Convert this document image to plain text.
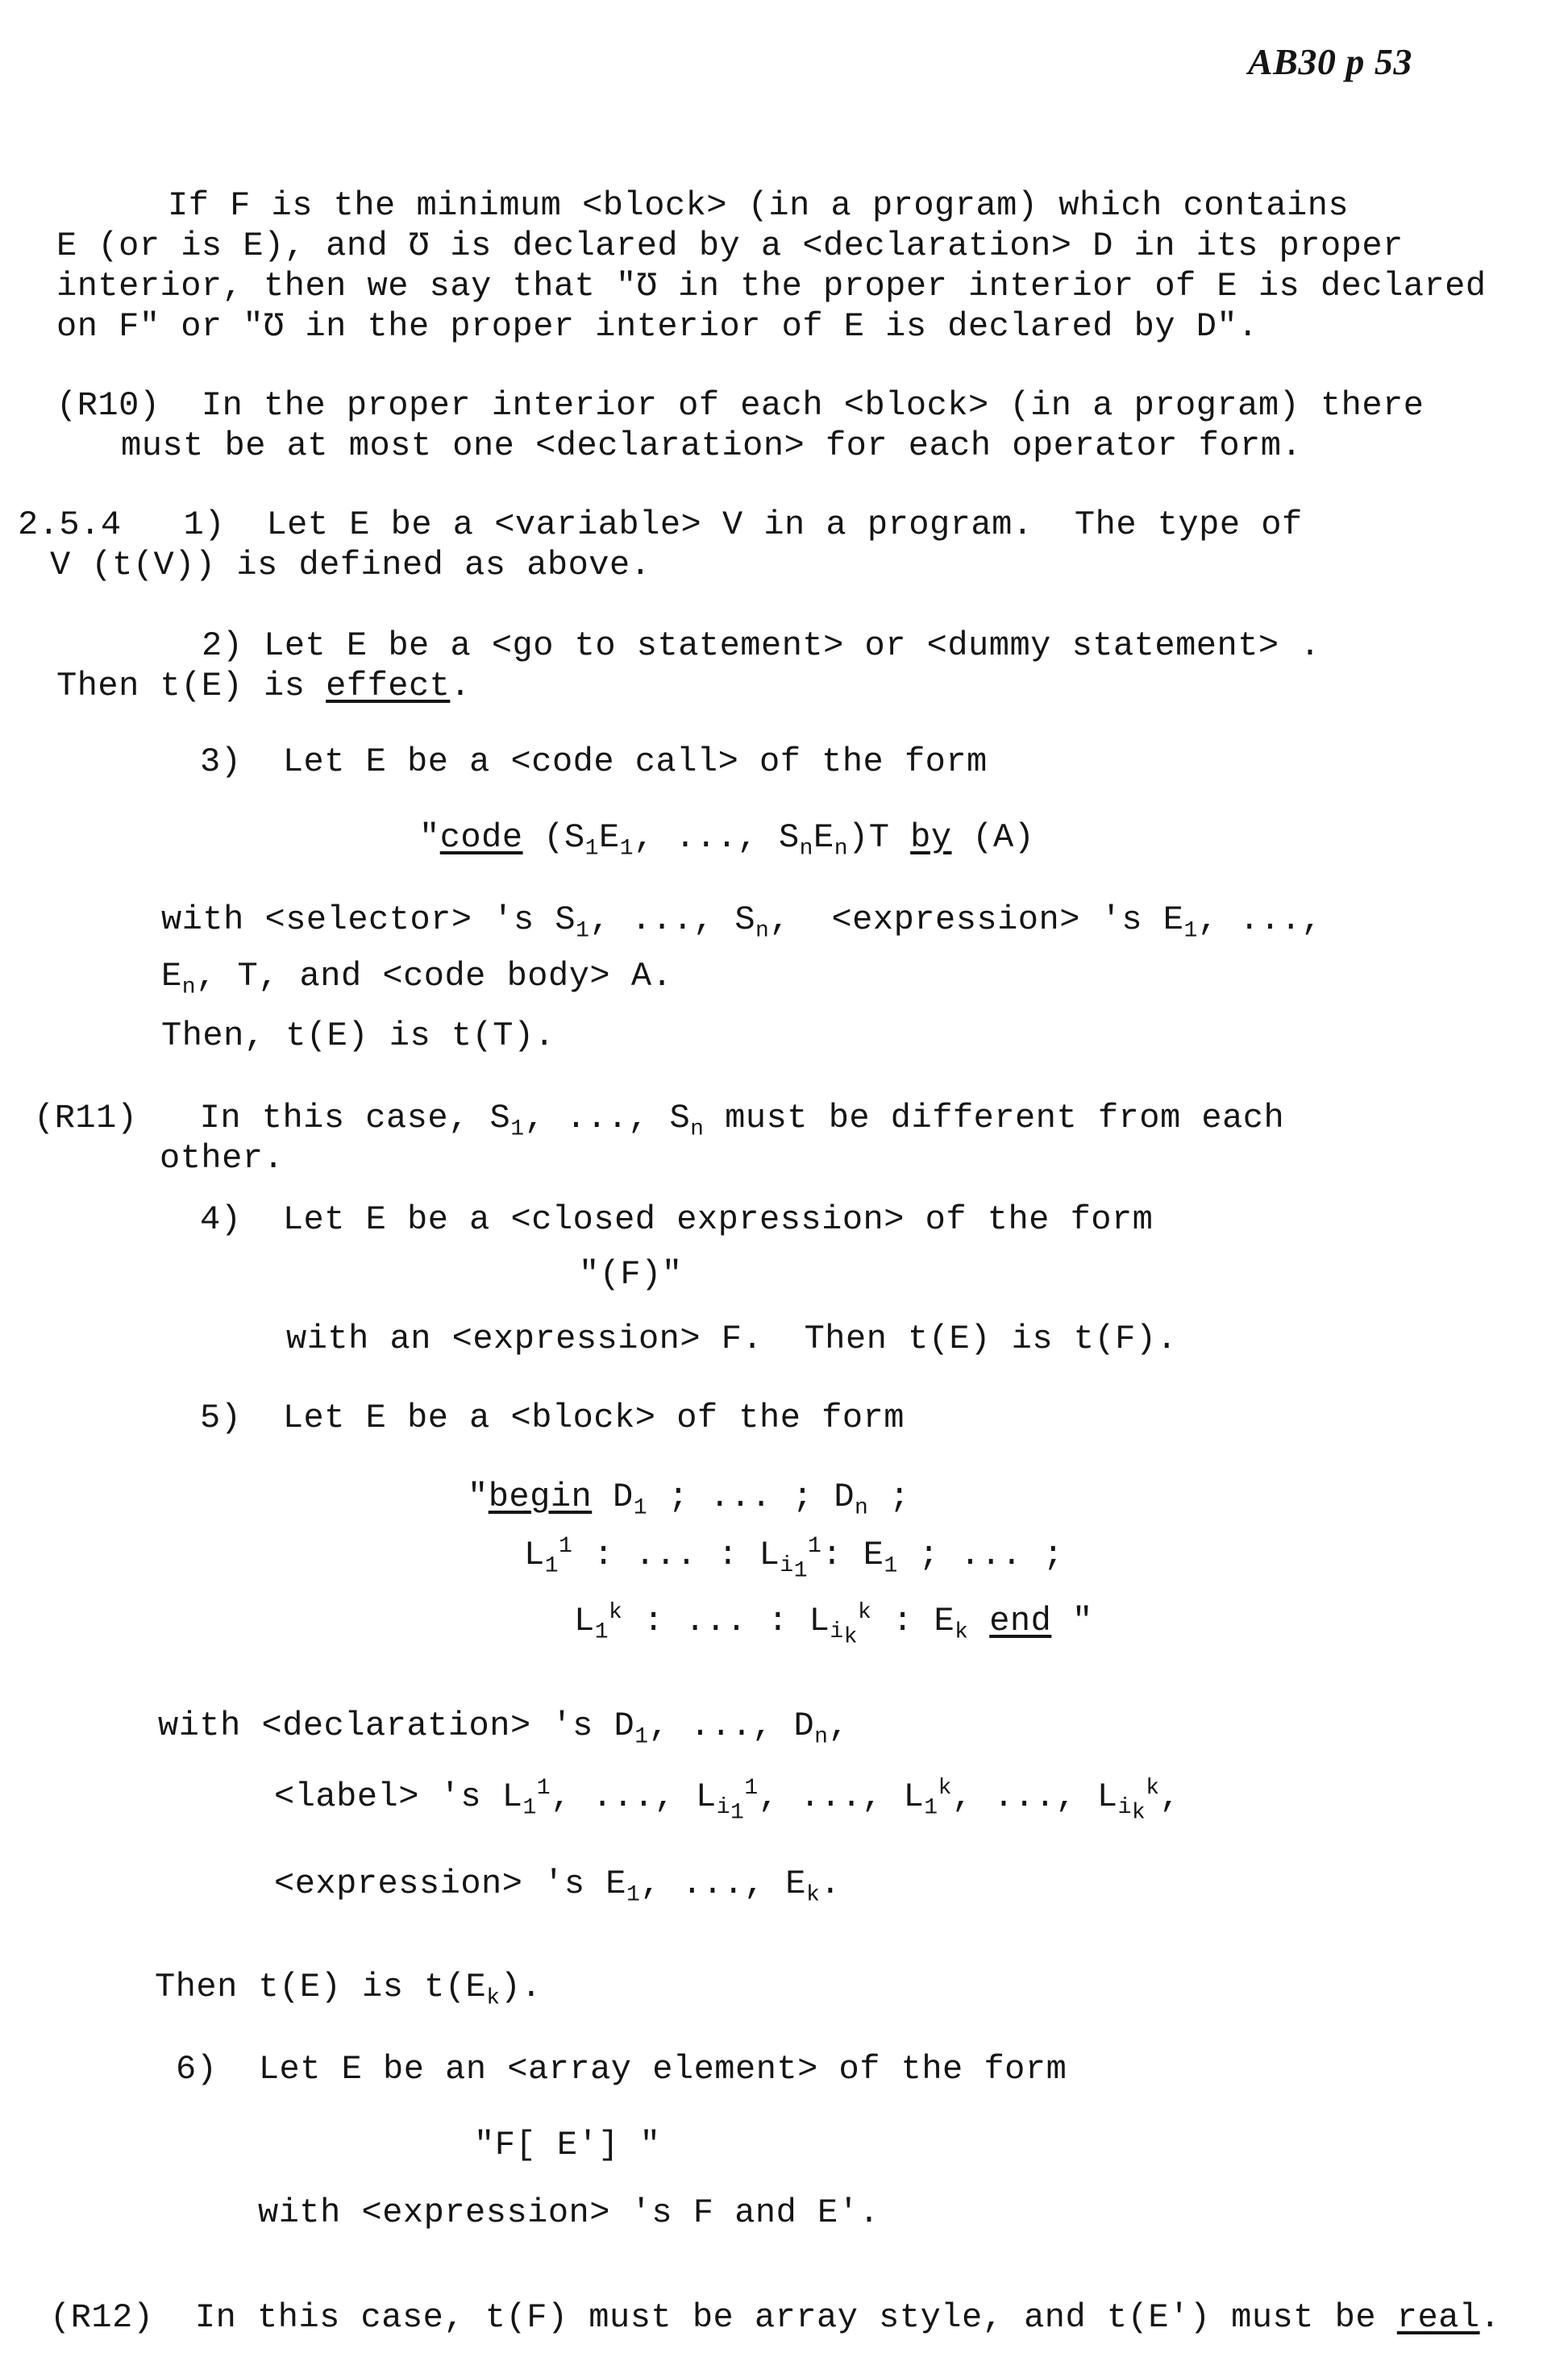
AB30 p 53
If F is the minimum <block> (in a program) which contains
E (or is E), and Ʊ is declared by a <declaration> D in its proper
interior, then we say that "Ʊ in the proper interior of E is declared
on F" or "Ʊ in the proper interior of E is declared by D".
(R10)  In the proper interior of each <block> (in a program) there
must be at most one <declaration> for each operator form.
2.5.4   1)  Let E be a <variable> V in a program.  The type of
V (t(V)) is defined as above.
2) Let E be a <go to statement> or <dummy statement> .
Then t(E) is effect.
3)  Let E be a <code call> of the form
"code ($S_1E_1$, ..., $S_nE_n)T$ by (A)
with <selector> 's $S_1$, ..., $S_n$,  <expression> 's $E_1$, ...,
$E_n$, T, and <code body> A.
Then, t(E) is t(T).
(R11)   In this case, $S_1$, ..., $S_n$ must be different from each
other.
4)  Let E be a <closed expression> of the form
"(F)"
with an <expression> F.  Then t(E) is t(F).
5)  Let E be a <block> of the form
"begin $D_1$ ; ... ; $D_n$ ;
$L_1^1$ : ... : $L_{i_1}^1$: $E_1$ ; ... ;
$L_1^k$ : ... : $L_{i_k}^k$ : $E_k$ end "
with <declaration> 's $D_1$, ..., $D_n$,
<label> 's $L_1^1$, ..., $L_{i_1}^1$, ..., $L_1^k$, ..., $L_{i_k}^k$,
<expression> 's $E_1$, ..., $E_k$.
Then t(E) is $t(E_k)$.
6)  Let E be an <array element> of the form
"F[ E'] "
with <expression> 's F and E'.
(R12)  In this case, t(F) must be array style, and t(E') must be real.
